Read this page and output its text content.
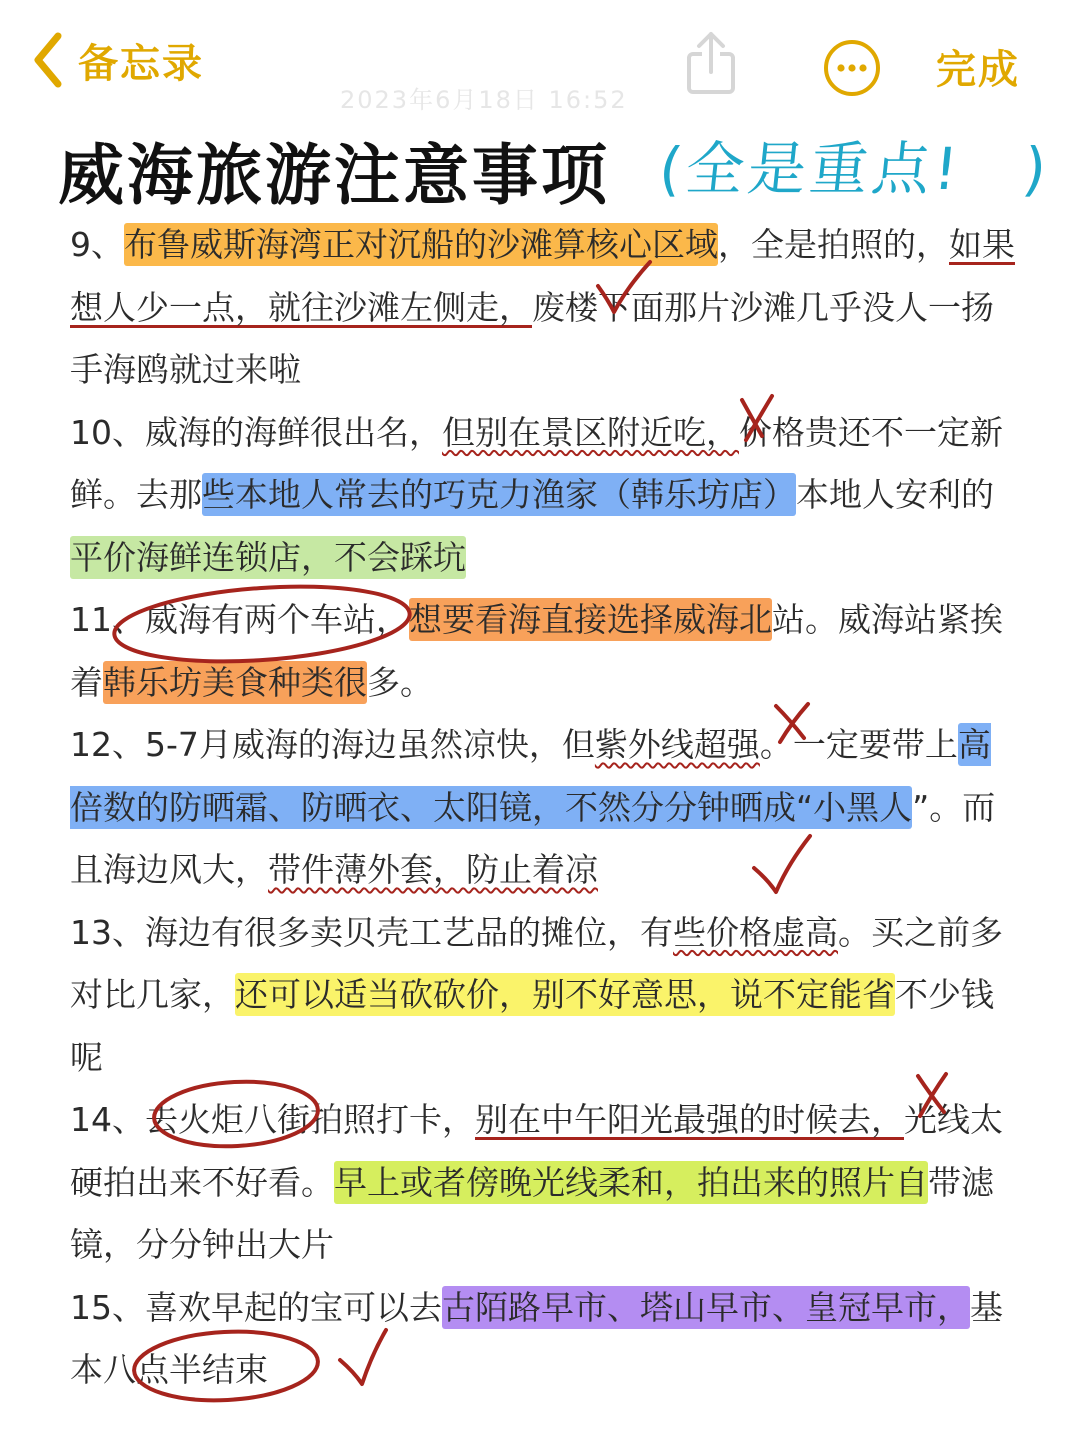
备忘录
2023年6月18日 16:52
完成
威海旅游注意事项 (全是重点!　)

9、布鲁威斯海湾正对沉船的沙滩算核心区域，全是拍照的，如果想人少一点，就往沙滩左侧走，废楼下面那片沙滩几乎没人一扬手海鸥就过来啦

10、威海的海鲜很出名，但别在景区附近吃，价格贵还不一定新鲜。去那些本地人常去的巧克力渔家（韩乐坊店）本地人安利的平价海鲜连锁店，不会踩坑

11、威海有两个车站，想要看海直接选择威海北站。威海站紧挨着韩乐坊美食种类很多。

12、5-7月威海的海边虽然凉快，但紫外线超强。一定要带上高倍数的防晒霜、防晒衣、太阳镜，不然分分钟晒成“小黑人”。而且海边风大，带件薄外套，防止着凉

13、海边有很多卖贝壳工艺品的摊位，有些价格虚高。买之前多对比几家，还可以适当砍砍价，别不好意思，说不定能省不少钱呢

14、去火炬八街拍照打卡，别在中午阳光最强的时候去，光线太硬拍出来不好看。早上或者傍晚光线柔和，拍出来的照片自带滤镜，分分钟出大片

15、喜欢早起的宝可以去古陌路早市、塔山早市、皇冠早市，基本八点半结束
